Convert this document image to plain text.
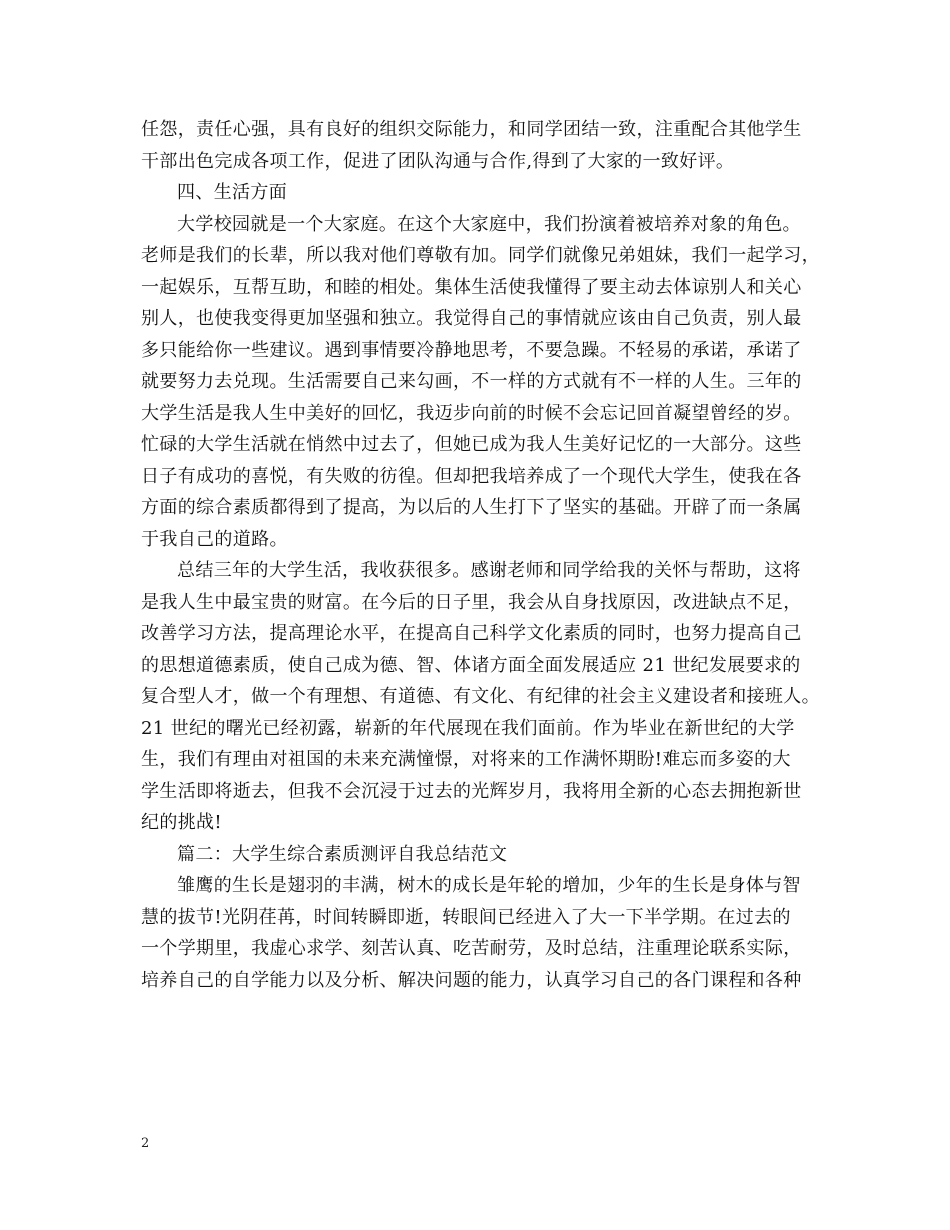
任怨，责任心强，具有良好的组织交际能力，和同学团结一致，注重配合其他学生
干部出色完成各项工作，促进了团队沟通与合作,得到了大家的一致好评。
四、生活方面
大学校园就是一个大家庭。在这个大家庭中，我们扮演着被培养对象的角色。
老师是我们的长辈，所以我对他们尊敬有加。同学们就像兄弟姐妹，我们一起学习，
一起娱乐，互帮互助，和睦的相处。集体生活使我懂得了要主动去体谅别人和关心
别人，也使我变得更加坚强和独立。我觉得自己的事情就应该由自己负责，别人最
多只能给你一些建议。遇到事情要冷静地思考，不要急躁。不轻易的承诺，承诺了
就要努力去兑现。生活需要自己来勾画，不一样的方式就有不一样的人生。三年的
大学生活是我人生中美好的回忆，我迈步向前的时候不会忘记回首凝望曾经的岁。
忙碌的大学生活就在悄然中过去了，但她已成为我人生美好记忆的一大部分。这些
日子有成功的喜悦，有失败的彷徨。但却把我培养成了一个现代大学生，使我在各
方面的综合素质都得到了提高，为以后的人生打下了坚实的基础。开辟了而一条属
于我自己的道路。
总结三年的大学生活，我收获很多。感谢老师和同学给我的关怀与帮助，这将
是我人生中最宝贵的财富。在今后的日子里，我会从自身找原因，改进缺点不足，
改善学习方法，提高理论水平，在提高自己科学文化素质的同时，也努力提高自己
的思想道德素质，使自己成为德、智、体诸方面全面发展适应 21 世纪发展要求的
复合型人才，做一个有理想、有道德、有文化、有纪律的社会主义建设者和接班人。
21 世纪的曙光已经初露，崭新的年代展现在我们面前。作为毕业在新世纪的大学
生，我们有理由对祖国的未来充满憧憬，对将来的工作满怀期盼!难忘而多姿的大
学生活即将逝去，但我不会沉浸于过去的光辉岁月，我将用全新的心态去拥抱新世
纪的挑战!
篇二：大学生综合素质测评自我总结范文
雏鹰的生长是翅羽的丰满，树木的成长是年轮的增加，少年的生长是身体与智
慧的拔节!光阴荏苒，时间转瞬即逝，转眼间已经进入了大一下半学期。在过去的
一个学期里，我虚心求学、刻苦认真、吃苦耐劳，及时总结，注重理论联系实际，
培养自己的自学能力以及分析、解决问题的能力，认真学习自己的各门课程和各种
2
